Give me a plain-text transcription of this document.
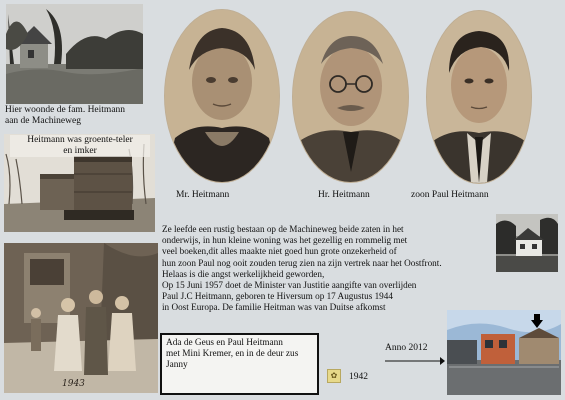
Hier woonde de fam. Heitmann
aan de Machineweg

Heitmann was groente-teler
en imker

Mr. Heitmann	Hr. Heitmann	zoon Paul Heitmann

Ze leefde een rustig bestaan op de Machineweg beide zaten in het
onderwijs, in hun kleine woning was het gezellig en rommelig met
veel boeken,dit alles maakte niet goed hun grote onzekerheid of
hun zoon Paul nog ooit zouden terug zien na zijn vertrek naar het Oostfront.
Helaas is die angst werkelijkheid geworden,
Op 15 Juni 1957 doet de Minister van Justitie aangifte van overlijden
Paul J.C Heitmann, geboren te Hiversum op 17 Augustus 1944
in Oost Europa. De familie Heitman was van Duitse afkomst

1943
Ada de Geus en Paul Heitmann
met Mini Kremer, en in de deur zus
Janny
✿	1942
Anno 2012
